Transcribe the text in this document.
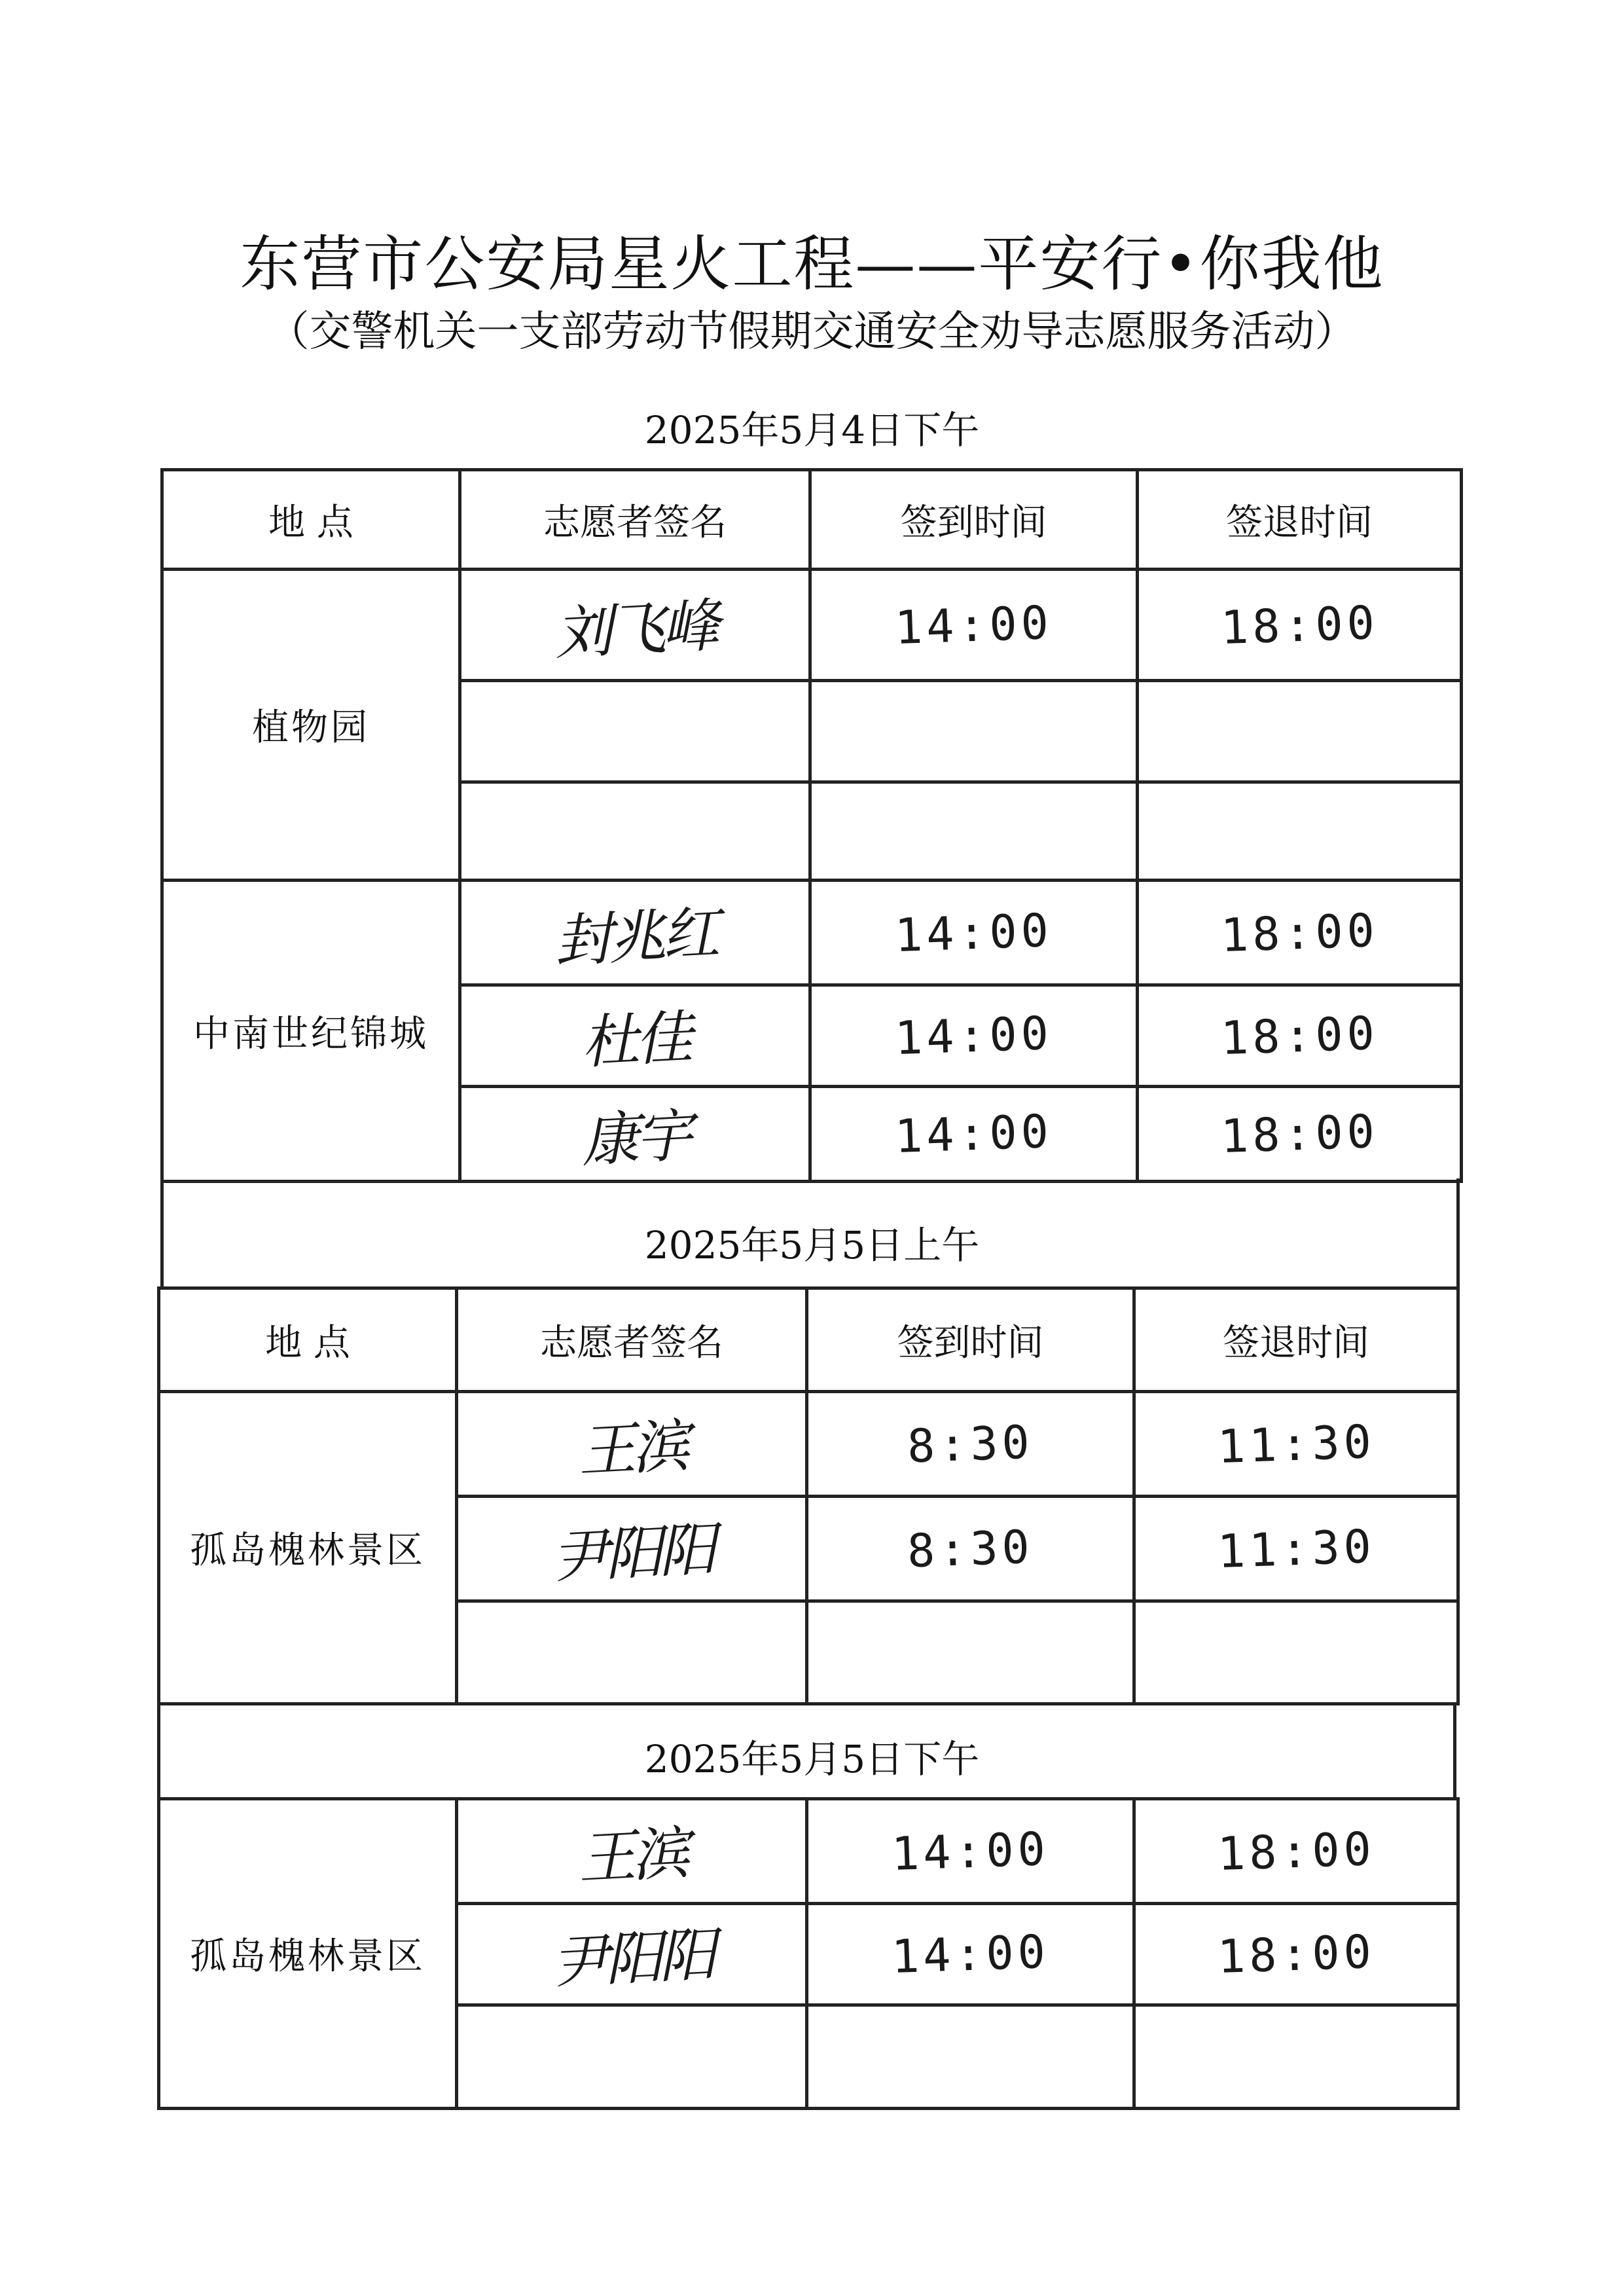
东营市公安局星火工程——平安行•你我他
（交警机关一支部劳动节假期交通安全劝导志愿服务活动）
2025年5月4日下午
地 点	志愿者签名	签到时间	签退时间
植物园	刘飞峰	14:00	18:00

中南世纪锦城	封兆红	14:00	18:00
	杜佳	14:00	18:00
	康宇	14:00	18:00
2025年5月5日上午
地 点	志愿者签名	签到时间	签退时间
孤岛槐林景区	王滨	8:30	11:30
	尹阳阳	8:30	11:30

2025年5月5日下午
孤岛槐林景区	王滨	14:00	18:00
	尹阳阳	14:00	18:00
